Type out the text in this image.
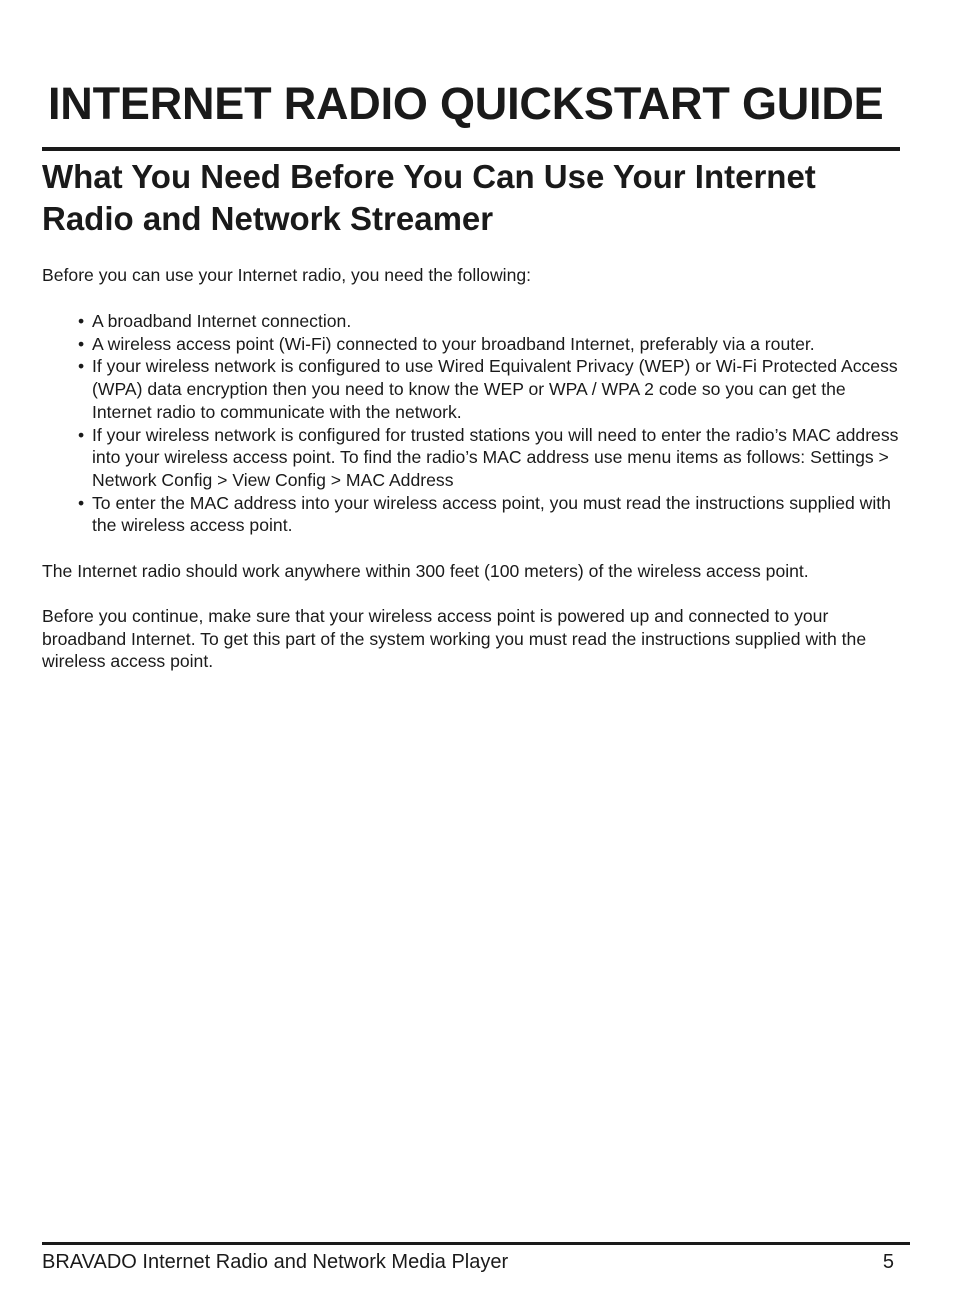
INTERNET RADIO QUICKSTART GUIDE
What You Need Before You Can Use Your Internet Radio and Network Streamer

Before you can use your Internet radio, you need the following:

• A broadband Internet connection.
• A wireless access point (Wi-Fi) connected to your broadband Internet, preferably via a router.
• If your wireless network is configured to use Wired Equivalent Privacy (WEP) or Wi-Fi Protected Access (WPA) data encryption then you need to know the WEP or WPA / WPA 2 code so you can get the Internet radio to communicate with the network.
• If your wireless network is configured for trusted stations you will need to enter the radio’s MAC address into your wireless access point. To find the radio’s MAC address use menu items as follows: Settings > Network Config > View Config > MAC Address
• To enter the MAC address into your wireless access point, you must read the instructions supplied with the wireless access point.

The Internet radio should work anywhere within 300 feet (100 meters) of the wireless access point.

Before you continue, make sure that your wireless access point is powered up and connected to your broadband Internet. To get this part of the system working you must read the instructions supplied with the wireless access point.

BRAVADO Internet Radio and Network Media Player	5
